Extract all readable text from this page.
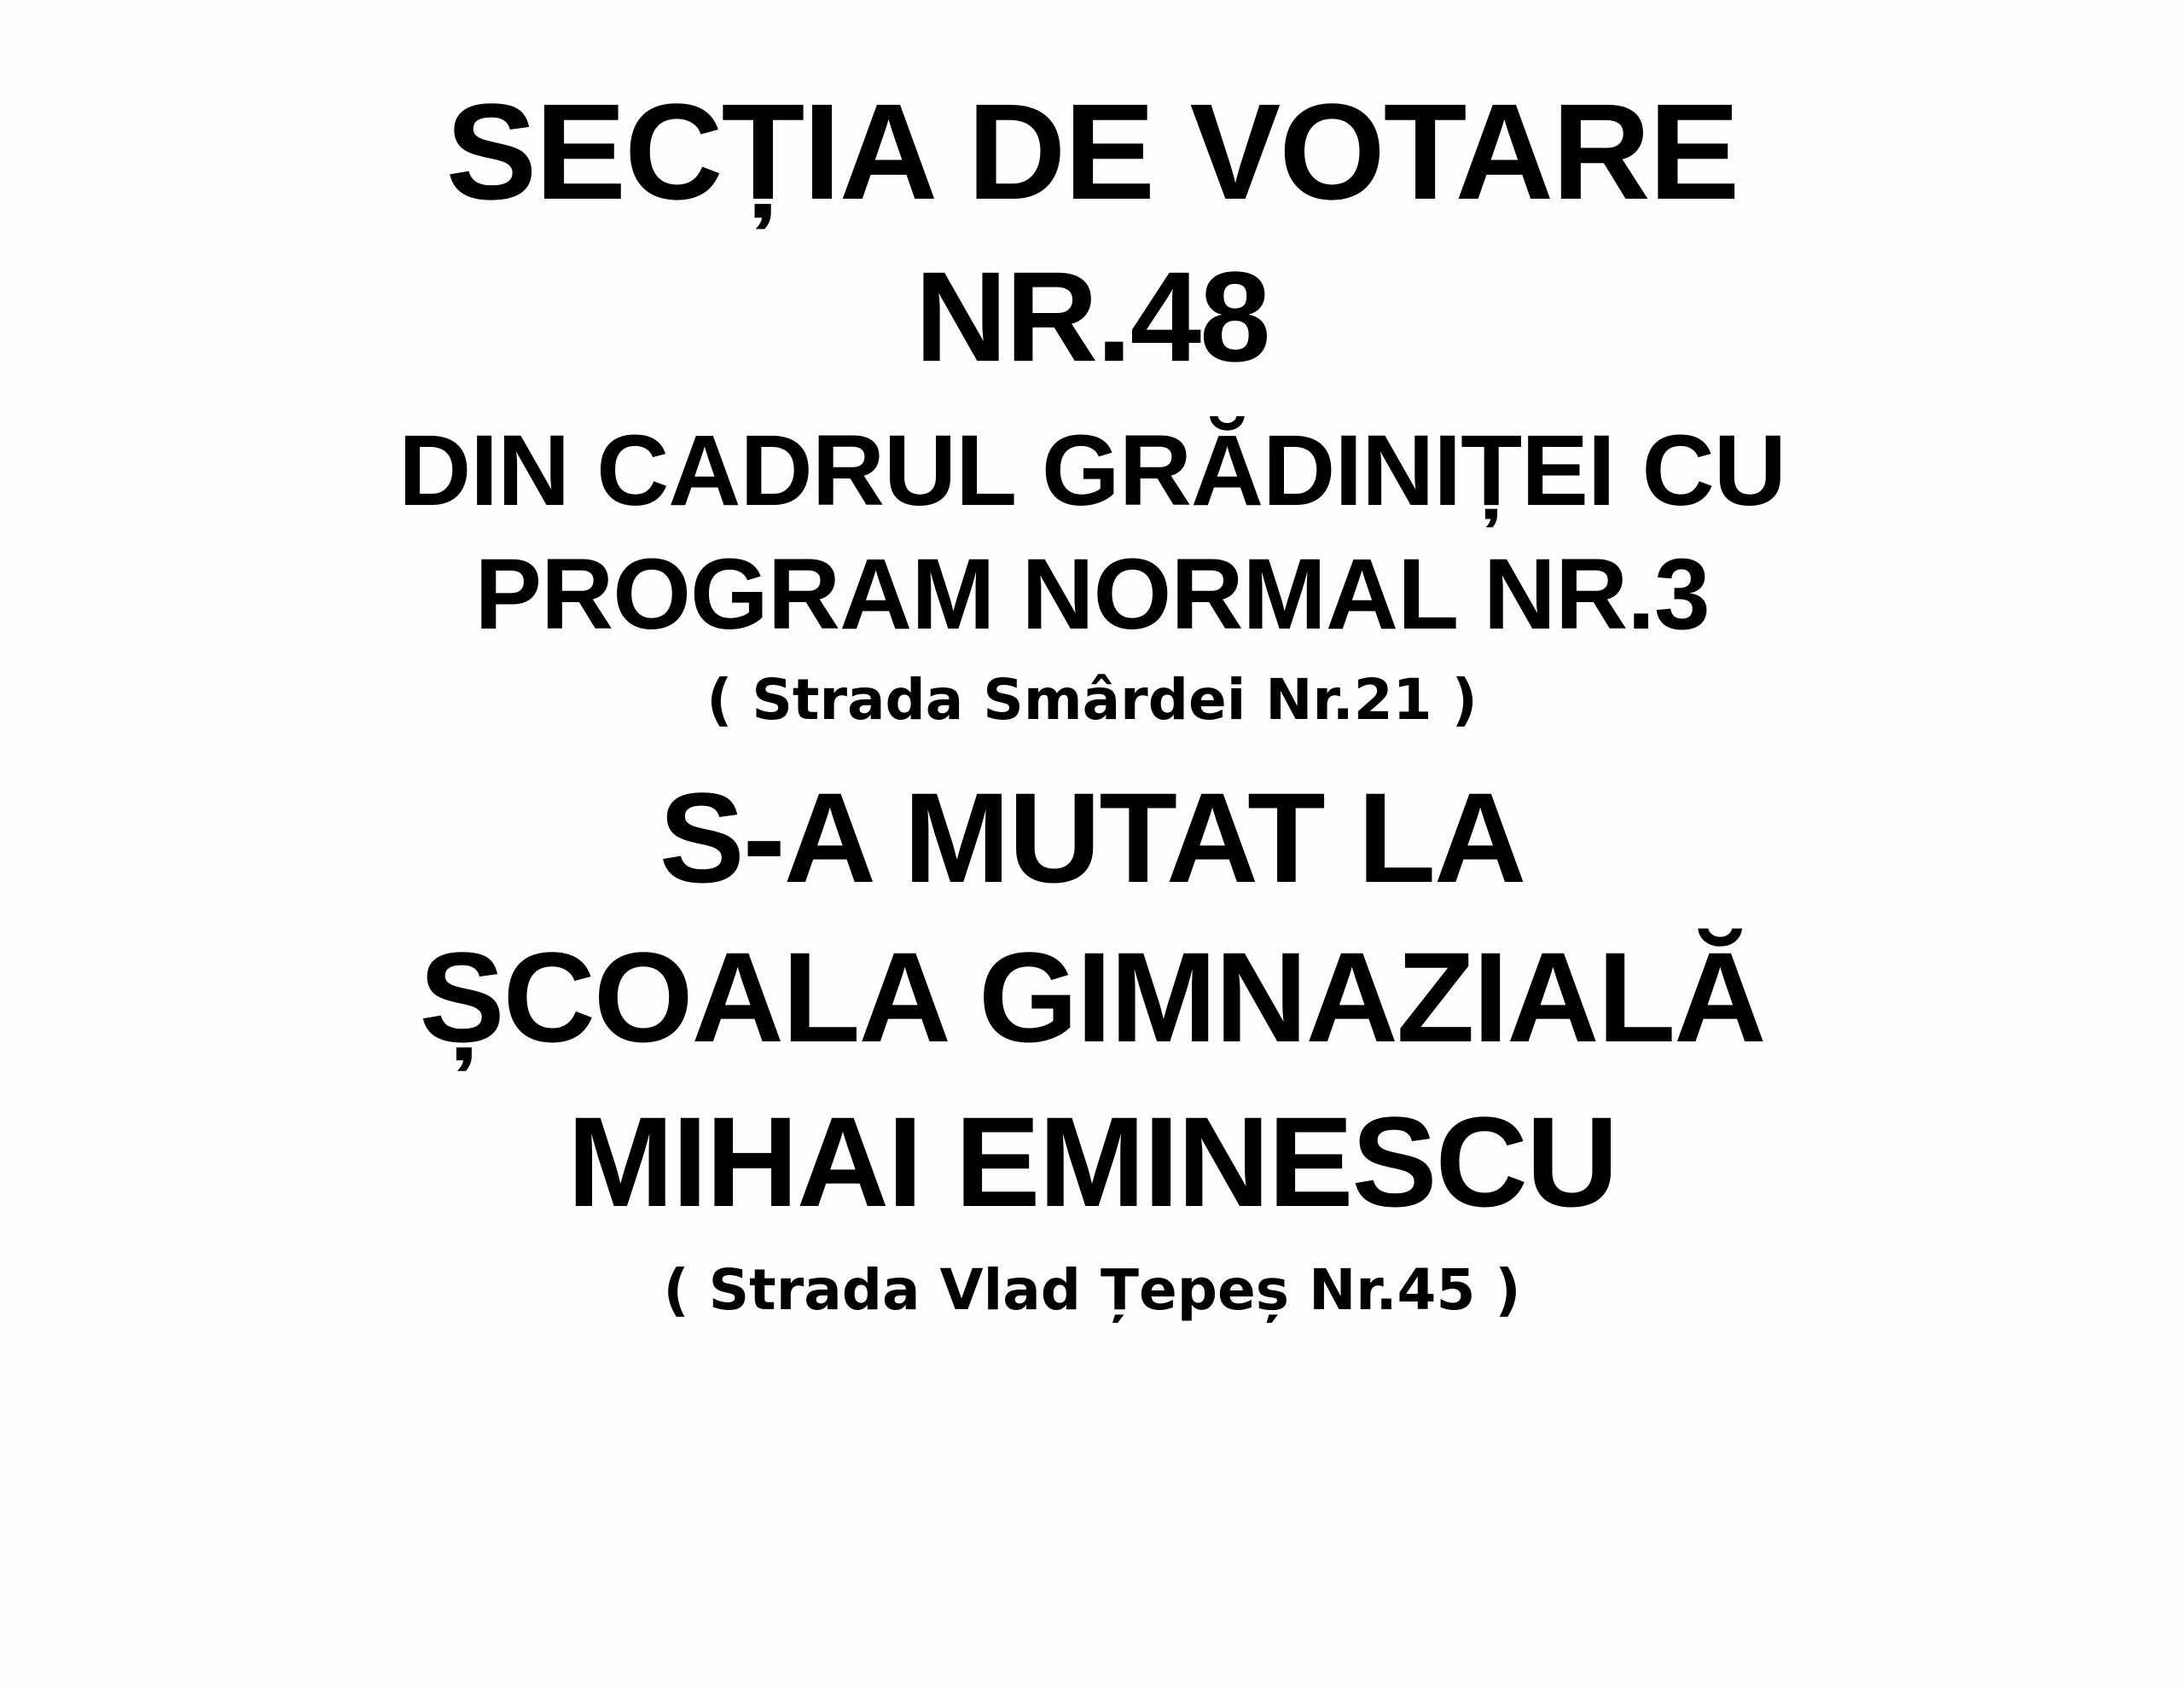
SECȚIA DE VOTARE
NR.48
DIN CADRUL GRĂDINIȚEI CU
PROGRAM NORMAL NR.3
( Strada Smârdei Nr.21 )
S-A MUTAT LA
ȘCOALA GIMNAZIALĂ
MIHAI EMINESCU
( Strada Vlad Țepeș Nr.45 )
